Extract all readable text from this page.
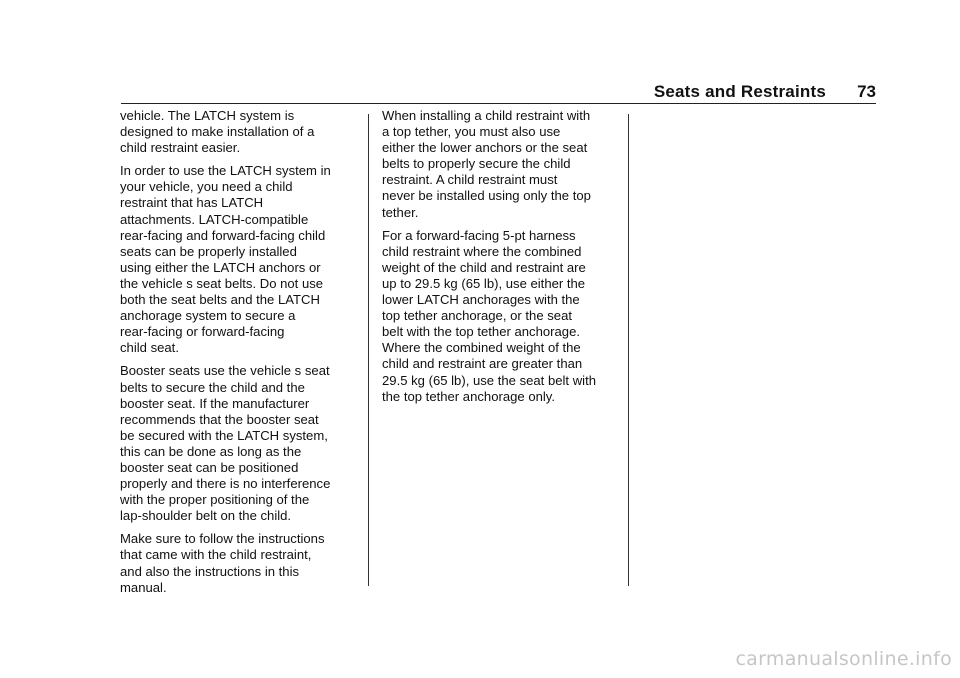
Seats and Restraints	73

vehicle. The LATCH system is
designed to make installation of a
child restraint easier.

In order to use the LATCH system in
your vehicle, you need a child
restraint that has LATCH
attachments. LATCH-compatible
rear-facing and forward-facing child
seats can be properly installed
using either the LATCH anchors or
the vehicle s seat belts. Do not use
both the seat belts and the LATCH
anchorage system to secure a
rear-facing or forward-facing
child seat.

Booster seats use the vehicle s seat
belts to secure the child and the
booster seat. If the manufacturer
recommends that the booster seat
be secured with the LATCH system,
this can be done as long as the
booster seat can be positioned
properly and there is no interference
with the proper positioning of the
lap-shoulder belt on the child.

Make sure to follow the instructions
that came with the child restraint,
and also the instructions in this
manual.

When installing a child restraint with
a top tether, you must also use
either the lower anchors or the seat
belts to properly secure the child
restraint. A child restraint must
never be installed using only the top
tether.

For a forward-facing 5-pt harness
child restraint where the combined
weight of the child and restraint are
up to 29.5 kg (65 lb), use either the
lower LATCH anchorages with the
top tether anchorage, or the seat
belt with the top tether anchorage.
Where the combined weight of the
child and restraint are greater than
29.5 kg (65 lb), use the seat belt with
the top tether anchorage only.

carmanualsonline.info
